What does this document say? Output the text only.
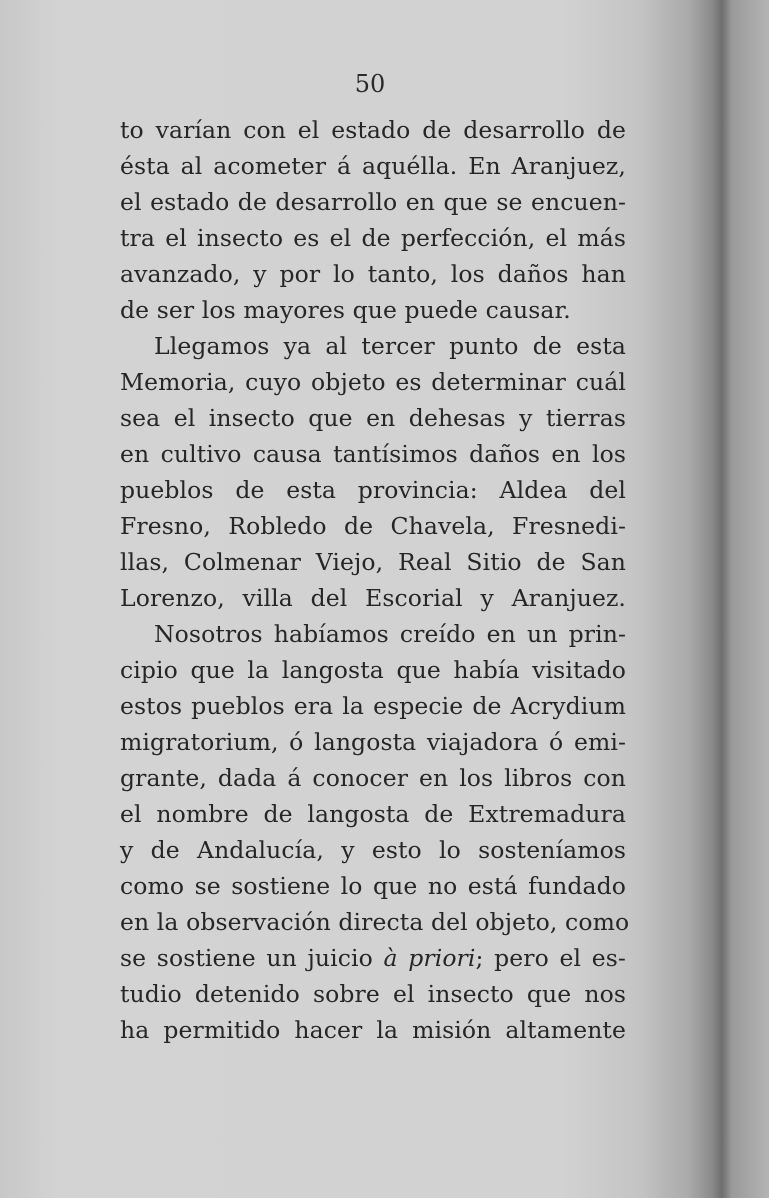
50
to varían con el estado de desarrollo de
ésta al acometer á aquélla. En Aranjuez,
el estado de desarrollo en que se encuen-
tra el insecto es el de perfección, el más
avanzado, y por lo tanto, los daños han
de ser los mayores que puede causar.
Llegamos ya al tercer punto de esta
Memoria, cuyo objeto es determinar cuál
sea el insecto que en dehesas y tierras
en cultivo causa tantísimos daños en los
pueblos de esta provincia: Aldea del
Fresno, Robledo de Chavela, Fresnedi-
llas, Colmenar Viejo, Real Sitio de San
Lorenzo, villa del Escorial y Aranjuez.
Nosotros habíamos creído en un prin-
cipio que la langosta que había visitado
estos pueblos era la especie de Acrydium
migratorium, ó langosta viajadora ó emi-
grante, dada á conocer en los libros con
el nombre de langosta de Extremadura
y de Andalucía, y esto lo sosteníamos
como se sostiene lo que no está fundado
en la observación directa del objeto, como
se sostiene un juicio à priori; pero el es-
tudio detenido sobre el insecto que nos
ha permitido hacer la misión altamente
